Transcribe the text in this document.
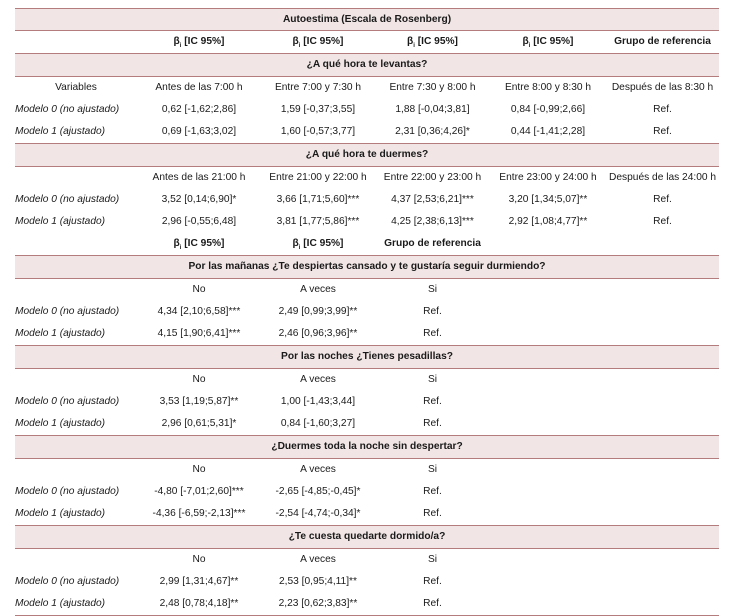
Autoestima (Escala de Rosenberg)					
	$\beta_i$ [IC 95%]	$\beta_i$ [IC 95%]	$\beta_i$ [IC 95%]	$\beta_i$ [IC 95%]	Grupo de referencia
¿A qué hora te levantas?					
Variables	Antes de las 7:00 h	Entre 7:00 y 7:30 h	Entre 7:30 y 8:00 h	Entre 8:00 y 8:30 h	Después de las 8:30 h
Modelo 0 (no ajustado)	0,62 [-1,62;2,86]	1,59 [-0,37;3,55]	1,88 [-0,04;3,81]	0,84 [-0,99;2,66]	Ref.
Modelo 1 (ajustado)	0,69 [-1,63;3,02]	1,60 [-0,57;3,77]	2,31 [0,36;4,26]*	0,44 [-1,41;2,28]	Ref.
¿A qué hora te duermes?					
	Antes de las 21:00 h	Entre 21:00 y 22:00 h	Entre 22:00 y 23:00 h	Entre 23:00 y 24:00 h	Después de las 24:00 h
Modelo 0 (no ajustado)	3,52 [0,14;6,90]*	3,66 [1,71;5,60]***	4,37 [2,53;6,21]***	3,20 [1,34;5,07]**	Ref.
Modelo 1 (ajustado)	2,96 [-0,55;6,48]	3,81 [1,77;5,86]***	4,25 [2,38;6,13]***	2,92 [1,08;4,77]**	Ref.
	$\beta_i$ [IC 95%]	$\beta_i$ [IC 95%]	Grupo de referencia		
Por las mañanas ¿Te despiertas cansado y te gustaría seguir durmiendo?					
	No	A veces	Si		
Modelo 0 (no ajustado)	4,34 [2,10;6,58]***	2,49 [0,99;3,99]**	Ref.		
Modelo 1 (ajustado)	4,15 [1,90;6,41]***	2,46 [0,96;3,96]**	Ref.		
Por las noches ¿Tienes pesadillas?					
	No	A veces	Si		
Modelo 0 (no ajustado)	3,53 [1,19;5,87]**	1,00 [-1,43;3,44]	Ref.		
Modelo 1 (ajustado)	2,96 [0,61;5,31]*	0,84 [-1,60;3,27]	Ref.		
¿Duermes toda la noche sin despertar?					
	No	A veces	Si		
Modelo 0 (no ajustado)	-4,80 [-7,01;2,60]***	-2,65 [-4,85;-0,45]*	Ref.		
Modelo 1 (ajustado)	-4,36 [-6,59;-2,13]***	-2,54 [-4,74;-0,34]*	Ref.		
¿Te cuesta quedarte dormido/a?					
	No	A veces	Si		
Modelo 0 (no ajustado)	2,99 [1,31;4,67]**	2,53 [0,95;4,11]**	Ref.		
Modelo 1 (ajustado)	2,48 [0,78;4,18]**	2,23 [0,62;3,83]**	Ref.		
